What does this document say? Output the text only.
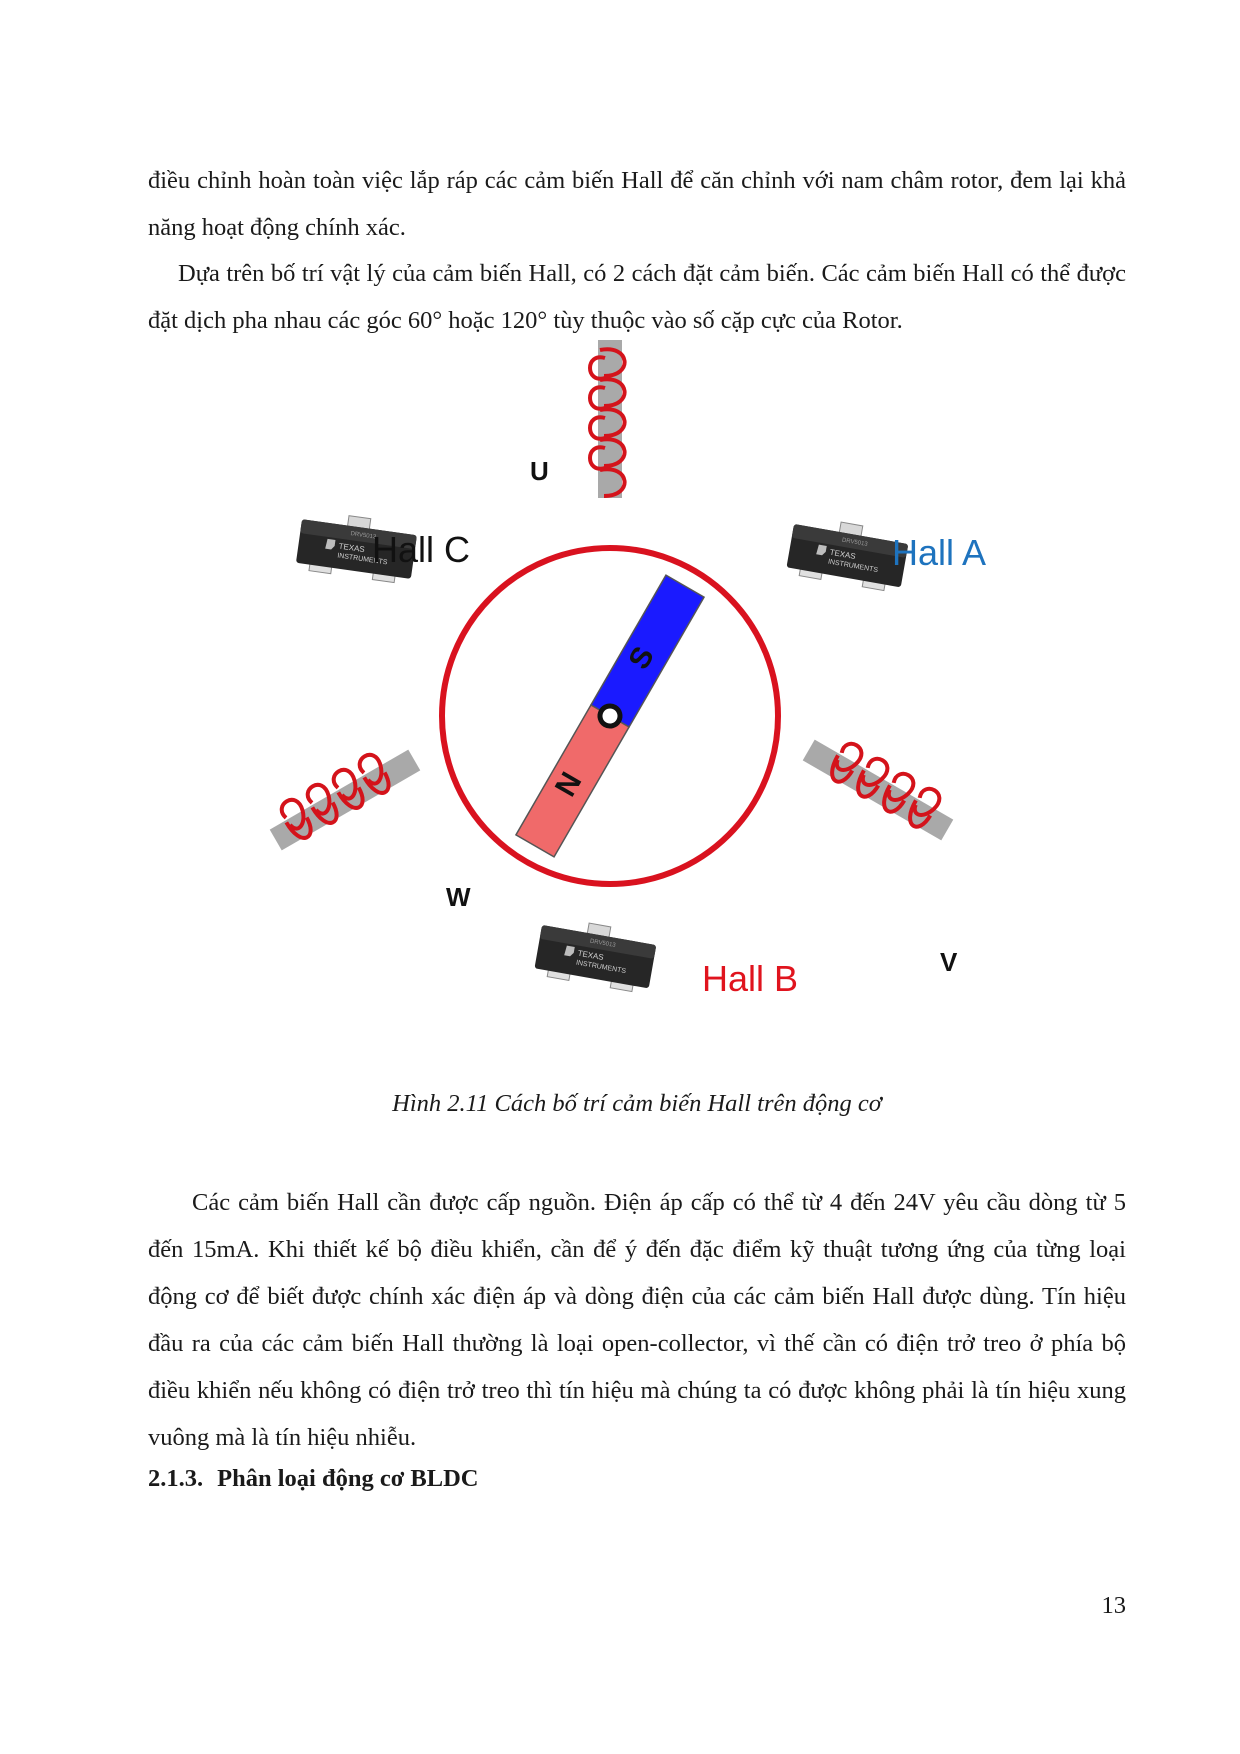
điều chỉnh hoàn toàn việc lắp ráp các cảm biến Hall để căn chỉnh với nam châm rotor, đem lại khả năng hoạt động chính xác.

Dựa trên bố trí vật lý của cảm biến Hall, có 2 cách đặt cảm biến. Các cảm biến Hall có thể được đặt dịch pha nhau các góc 60° hoặc 120° tùy thuộc vào số cặp cực của Rotor.

TEXAS
INSTRUMENTS
DRV5013
S
N
U
W
V
Hall C	Hall A
Hall B

Hình 2.11 Cách bố trí cảm biến Hall trên động cơ

Các cảm biến Hall cần được cấp nguồn. Điện áp cấp có thể từ 4 đến 24V yêu cầu dòng từ 5 đến 15mA. Khi thiết kế bộ điều khiển, cần để ý đến đặc điểm kỹ thuật tương ứng của từng loại động cơ để biết được chính xác điện áp và dòng điện của các cảm biến Hall được dùng. Tín hiệu đầu ra của các cảm biến Hall thường là loại open-collector, vì thế cần có điện trở treo ở phía bộ điều khiển nếu không có điện trở treo thì tín hiệu mà chúng ta có được không phải là tín hiệu xung vuông mà là tín hiệu nhiễu.

2.1.3. Phân loại động cơ BLDC

13
